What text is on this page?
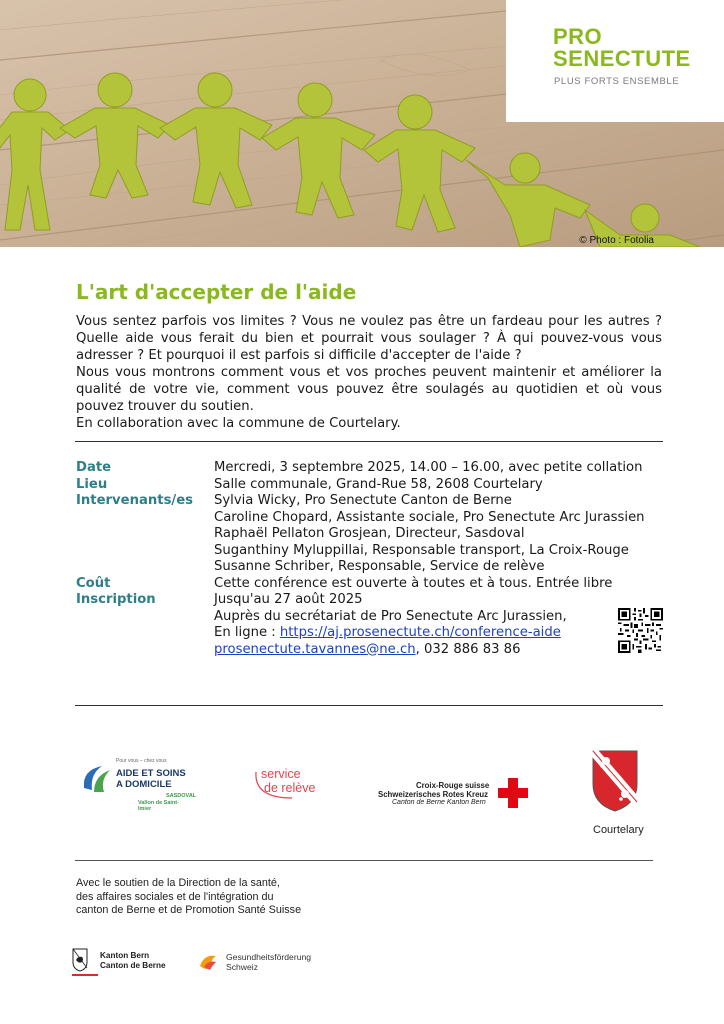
PRO
SENECTUTE
PLUS FORTS ENSEMBLE
© Photo : Fotolia
L'art d'accepter de l'aide

Vous sentez parfois vos limites ? Vous ne voulez pas être un fardeau pour les autres ? Quelle aide vous ferait du bien et pourrait vous soulager ? À qui pouvez-vous vous adresser ? Et pourquoi il est parfois si difficile d'accepter de l'aide ?

Nous vous montrons comment vous et vos proches peuvent maintenir et améliorer la qualité de votre vie, comment vous pouvez être soulagés au quotidien et où vous pouvez trouver du soutien.

En collaboration avec la commune de Courtelary.

Date	Mercredi, 3 septembre 2025, 14.00 – 16.00, avec petite collation
Lieu	Salle communale, Grand-Rue 58, 2608 Courtelary
Intervenants/es	Sylvia Wicky, Pro Senectute Canton de Berne
Caroline Chopard, Assistante sociale, Pro Senectute Arc Jurassien
Raphaël Pellaton Grosjean, Directeur, Sasdoval
Suganthiny Myluppillai, Responsable transport, La Croix-Rouge
Susanne Schriber, Responsable, Service de relève
Coût	Cette conférence est ouverte à toutes et à tous. Entrée libre
Inscription	Jusqu'au 27 août 2025
Auprès du secrétariat de Pro Senectute Arc Jurassien,
En ligne : https://aj.prosenectute.ch/conference-aide
prosenectute.tavannes@ne.ch, 032 886 83 86
Pour vous – chez vous
AIDE ET SOINS
A DOMICILE
SASDOVAL
Vallon de Saint-Imier
service
de relève	Croix-Rouge suisse
Schweizerisches Rotes Kreuz
Canton de Berne Kanton Bern
Courtelary
Avec le soutien de la Direction de la santé,
des affaires sociales et de l'intégration du
canton de Berne et de Promotion Santé Suisse
Kanton Bern
Canton de Berne
Gesundheitsförderung
Schweiz
